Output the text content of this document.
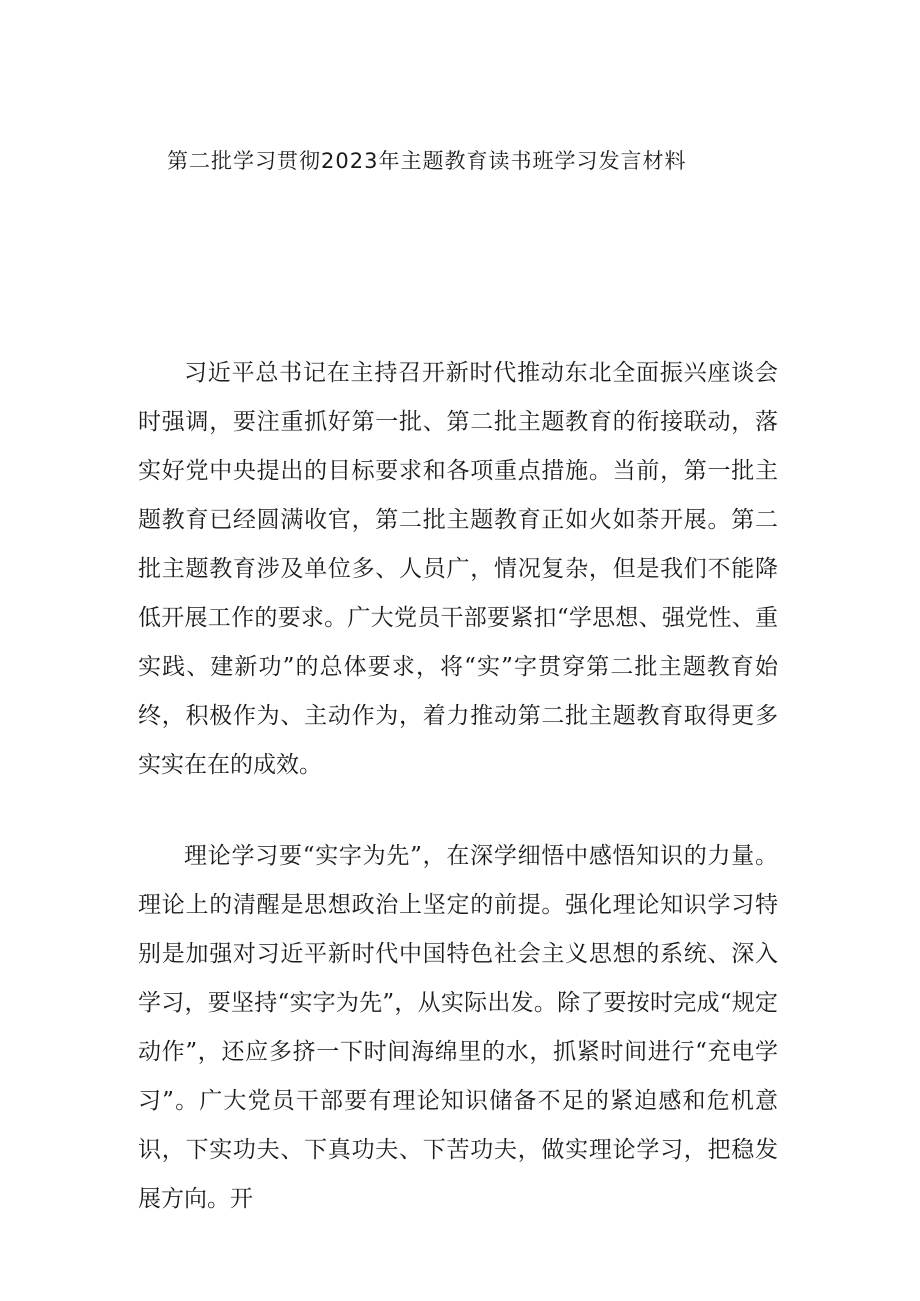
第二批学习贯彻2023年主题教育读书班学习发言材料

习近平总书记在主持召开新时代推动东北全面振兴座谈会时强调，要注重抓好第一批、第二批主题教育的衔接联动，落实好党中央提出的目标要求和各项重点措施。当前，第一批主题教育已经圆满收官，第二批主题教育正如火如荼开展。第二批主题教育涉及单位多、人员广，情况复杂，但是我们不能降低开展工作的要求。广大党员干部要紧扣“学思想、强党性、重实践、建新功”的总体要求，将“实”字贯穿第二批主题教育始终，积极作为、主动作为，着力推动第二批主题教育取得更多实实在在的成效。

理论学习要“实字为先”，在深学细悟中感悟知识的力量。理论上的清醒是思想政治上坚定的前提。强化理论知识学习特别是加强对习近平新时代中国特色社会主义思想的系统、深入学习，要坚持“实字为先”，从实际出发。除了要按时完成“规定动作”，还应多挤一下时间海绵里的水，抓紧时间进行“充电学习”。广大党员干部要有理论知识储备不足的紧迫感和危机意识，下实功夫、下真功夫、下苦功夫，做实理论学习，把稳发展方向。开
